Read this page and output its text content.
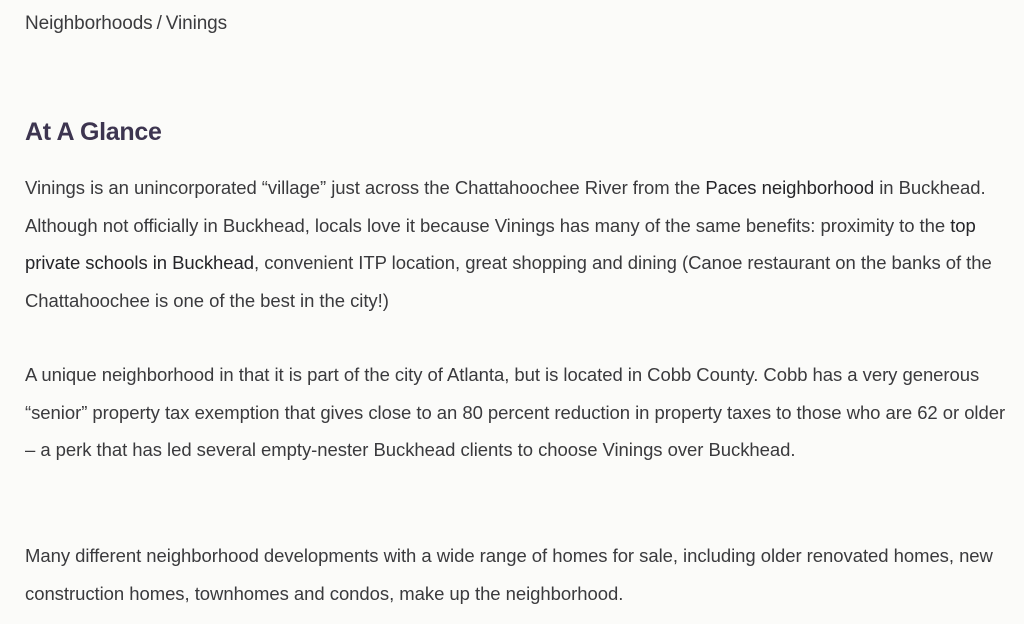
Neighborhoods / Vinings
At A Glance

Vinings is an unincorporated “village” just across the Chattahoochee River from the Paces neighborhood in Buckhead. Although not officially in Buckhead, locals love it because Vinings has many of the same benefits: proximity to the top private schools in Buckhead, convenient ITP location, great shopping and dining (Canoe restaurant on the banks of the Chattahoochee is one of the best in the city!)

A unique neighborhood in that it is part of the city of Atlanta, but is located in Cobb County. Cobb has a very generous “senior” property tax exemption that gives close to an 80 percent reduction in property taxes to those who are 62 or older – a perk that has led several empty-nester Buckhead clients to choose Vinings over Buckhead.

Many different neighborhood developments with a wide range of homes for sale, including older renovated homes, new construction homes, townhomes and condos, make up the neighborhood.
